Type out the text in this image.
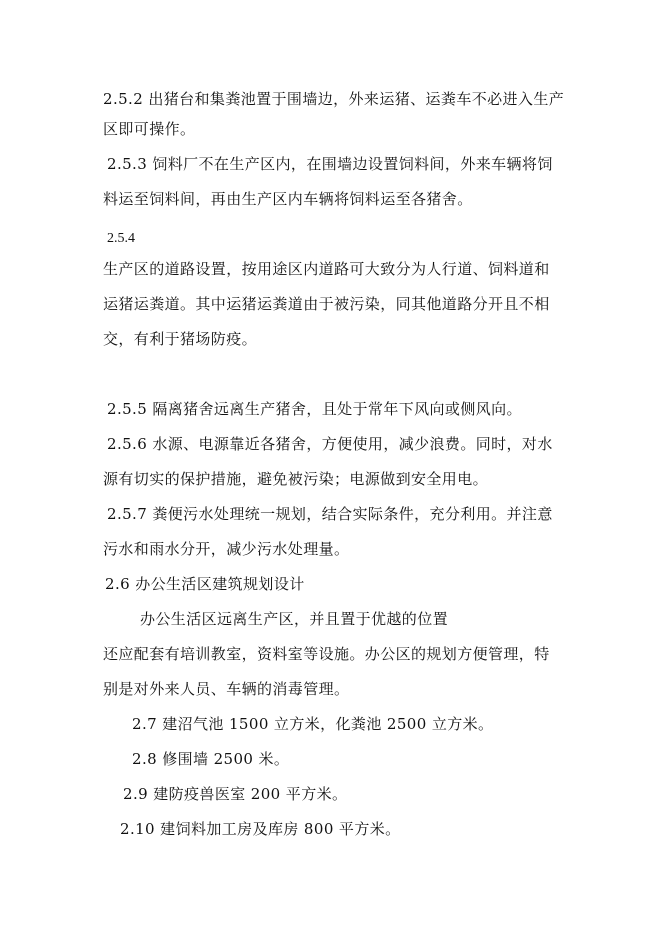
2.5.2 出猪台和集粪池置于围墙边，外来运猪、运粪车不必进入生产
区即可操作。
2.5.3 饲料厂不在生产区内，在围墙边设置饲料间，外来车辆将饲
料运至饲料间，再由生产区内车辆将饲料运至各猪舍。
2.5.4
生产区的道路设置，按用途区内道路可大致分为人行道、饲料道和
运猪运粪道。其中运猪运粪道由于被污染，同其他道路分开且不相
交，有利于猪场防疫。
2.5.5 隔离猪舍远离生产猪舍，且处于常年下风向或侧风向。
2.5.6 水源、电源靠近各猪舍，方便使用，减少浪费。同时，对水
源有切实的保护措施，避免被污染；电源做到安全用电。
2.5.7 粪便污水处理统一规划，结合实际条件，充分利用。并注意
污水和雨水分开，减少污水处理量。
2.6 办公生活区建筑规划设计
办公生活区远离生产区，并且置于优越的位置
还应配套有培训教室，资料室等设施。办公区的规划方便管理，特
别是对外来人员、车辆的消毒管理。
2.7 建沼气池 1500 立方米，化粪池 2500 立方米。
2.8 修围墙 2500 米。
2.9 建防疫兽医室 200 平方米。
2.10 建饲料加工房及库房 800 平方米。
